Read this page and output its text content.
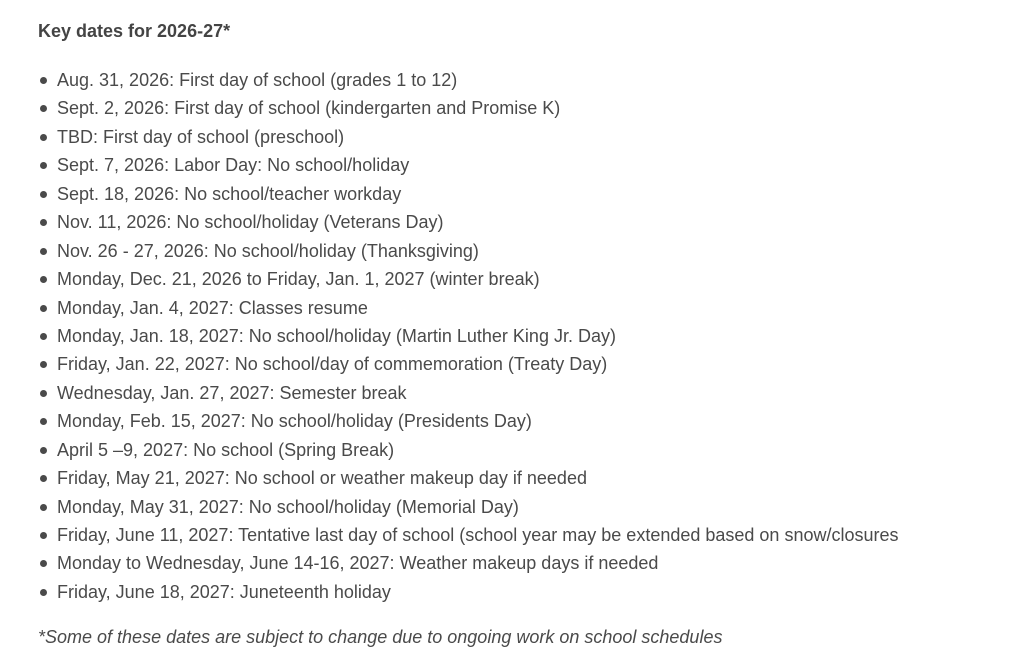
Key dates for 2026-27*
Aug. 31, 2026: First day of school (grades 1 to 12)
Sept. 2, 2026: First day of school (kindergarten and Promise K)
TBD: First day of school (preschool)
Sept. 7, 2026: Labor Day: No school/holiday
Sept. 18, 2026: No school/teacher workday
Nov. 11, 2026: No school/holiday (Veterans Day)
Nov. 26 - 27, 2026: No school/holiday (Thanksgiving)
Monday, Dec. 21, 2026 to Friday, Jan. 1, 2027 (winter break)
Monday, Jan. 4, 2027: Classes resume
Monday, Jan. 18, 2027: No school/holiday (Martin Luther King Jr. Day)
Friday, Jan. 22, 2027: No school/day of commemoration (Treaty Day)
Wednesday, Jan. 27, 2027: Semester break
Monday, Feb. 15, 2027: No school/holiday (Presidents Day)
April 5 –9, 2027: No school (Spring Break)
Friday, May 21, 2027: No school or weather makeup day if needed
Monday, May 31, 2027: No school/holiday (Memorial Day)
Friday, June 11, 2027: Tentative last day of school (school year may be extended based on snow/closures
Monday to Wednesday, June 14-16, 2027: Weather makeup days if needed
Friday, June 18, 2027: Juneteenth holiday

*Some of these dates are subject to change due to ongoing work on school schedules
